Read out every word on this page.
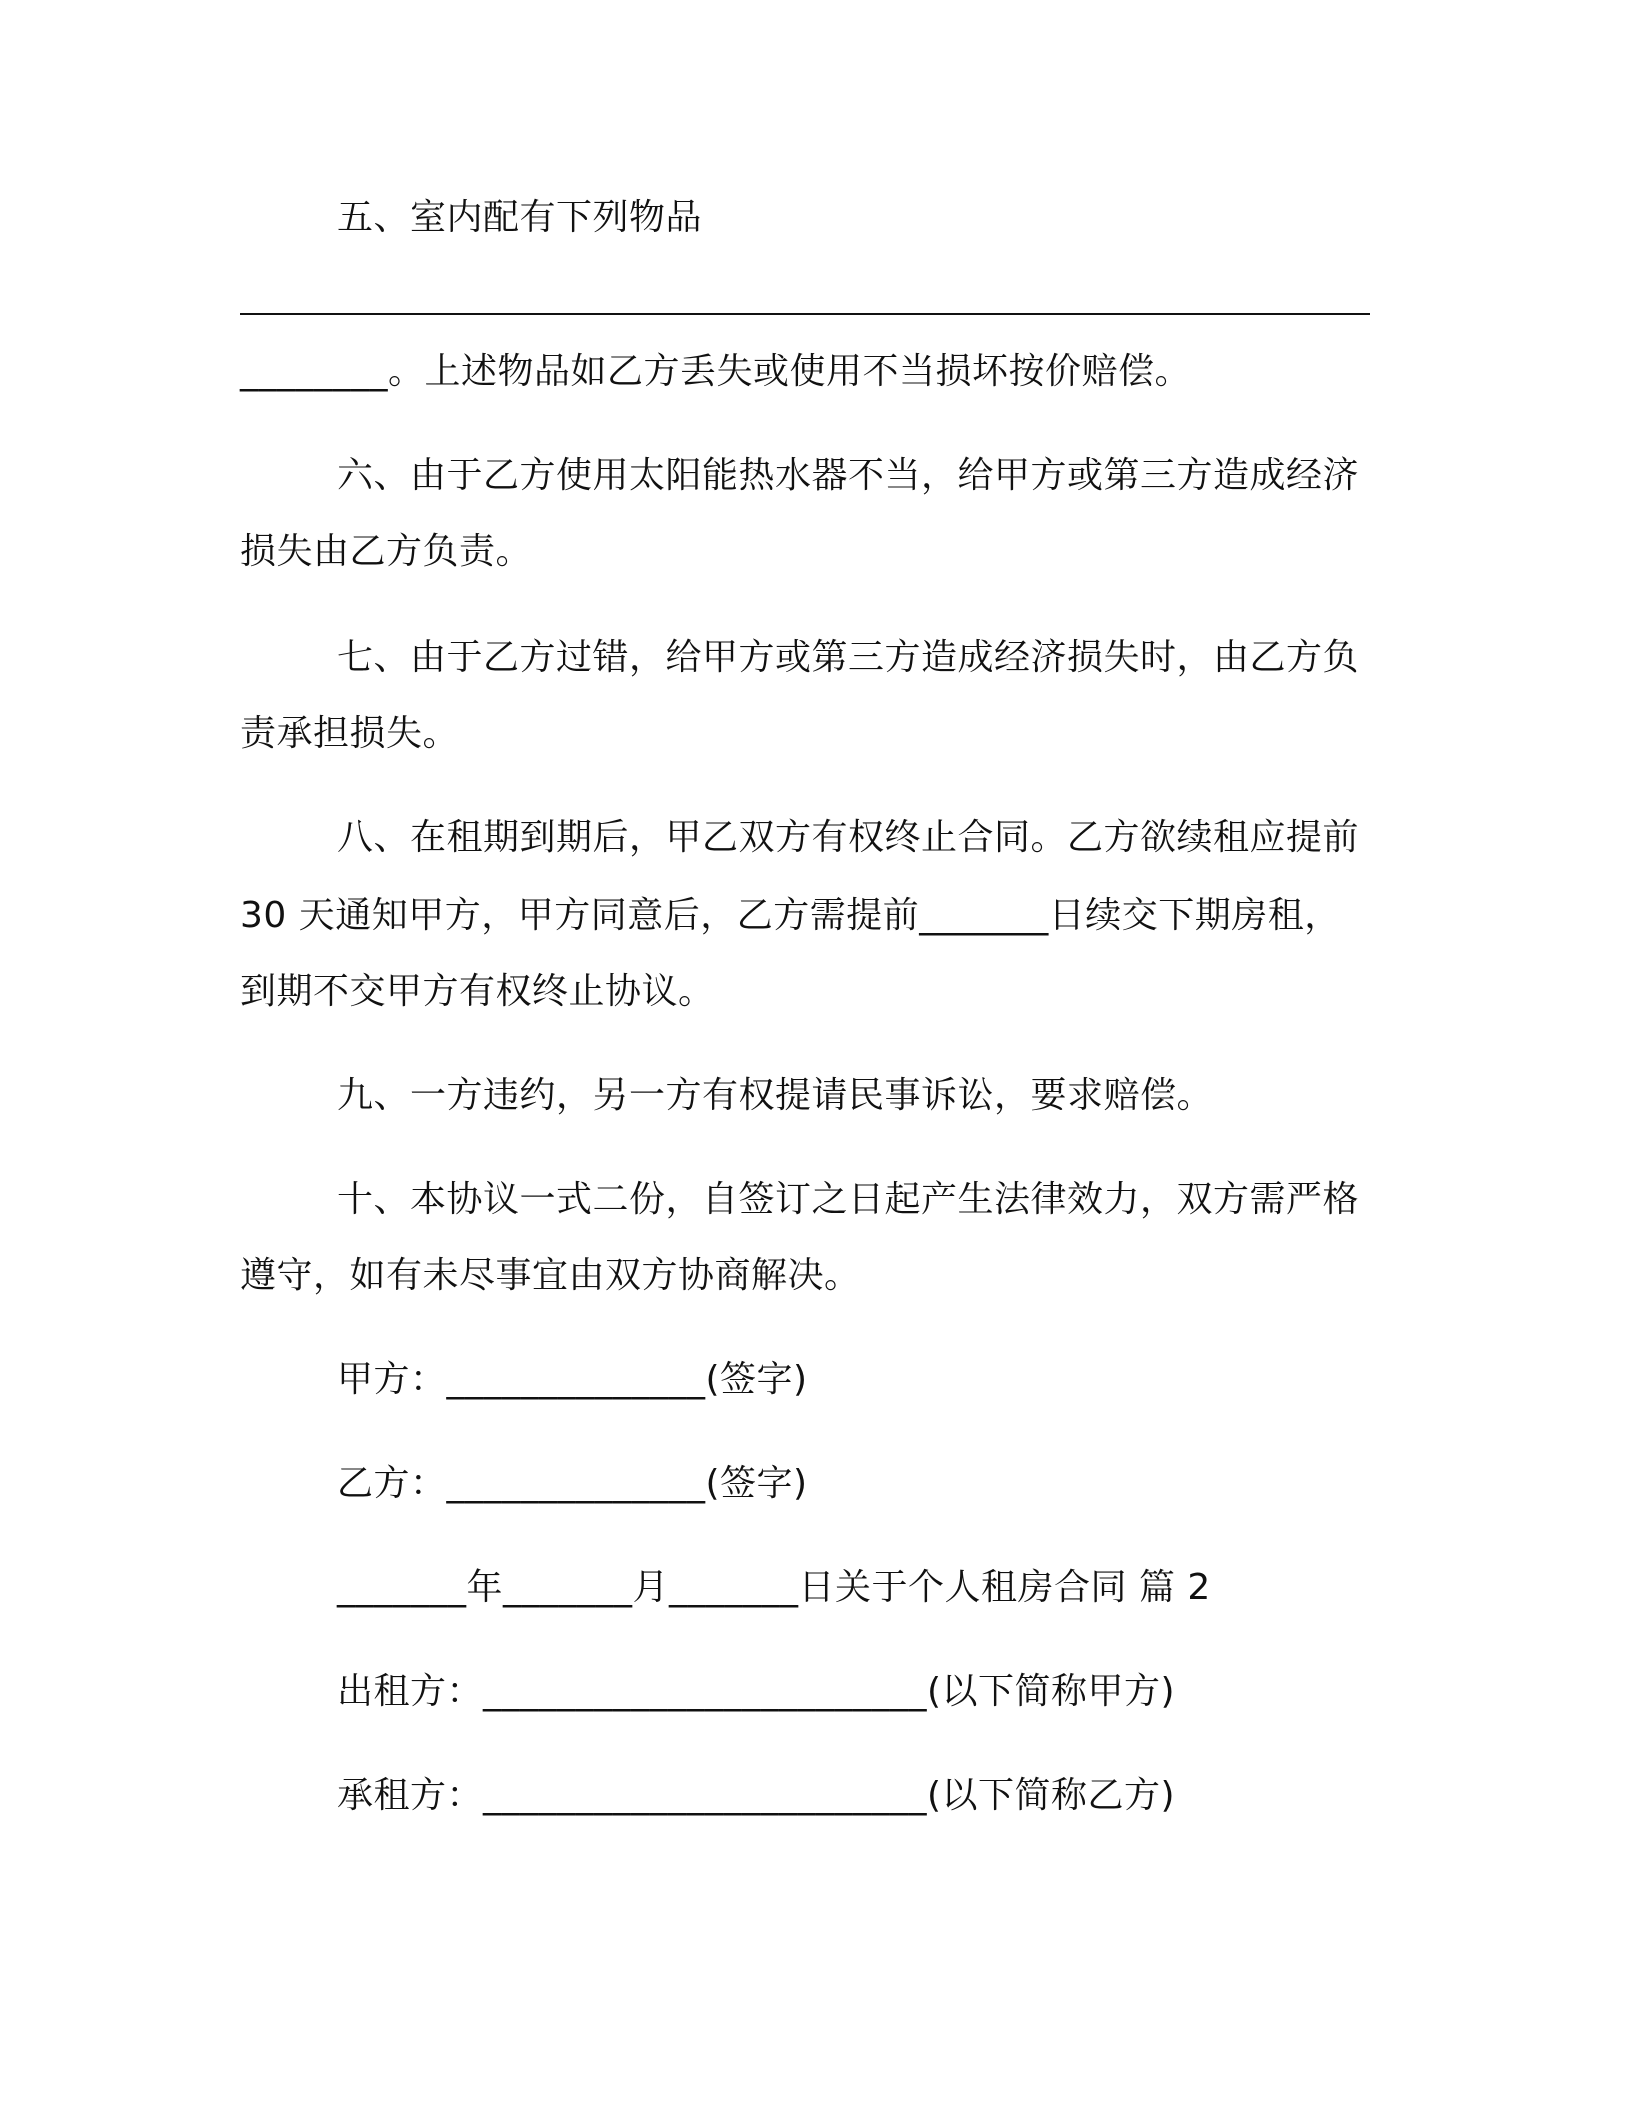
五、室内配有下列物品
________。上述物品如乙方丢失或使用不当损坏按价赔偿。
六、由于乙方使用太阳能热水器不当，给甲方或第三方造成经济
损失由乙方负责。
七、由于乙方过错，给甲方或第三方造成经济损失时，由乙方负
责承担损失。
八、在租期到期后，甲乙双方有权终止合同。乙方欲续租应提前
30 天通知甲方，甲方同意后，乙方需提前_______日续交下期房租，
到期不交甲方有权终止协议。
九、一方违约，另一方有权提请民事诉讼，要求赔偿。
十、本协议一式二份，自签订之日起产生法律效力，双方需严格
遵守，如有未尽事宜由双方协商解决。
甲方：______________(签字)
乙方：______________(签字)
_______年_______月_______日关于个人租房合同 篇 2
出租方：________________________(以下简称甲方)
承租方：________________________(以下简称乙方)
